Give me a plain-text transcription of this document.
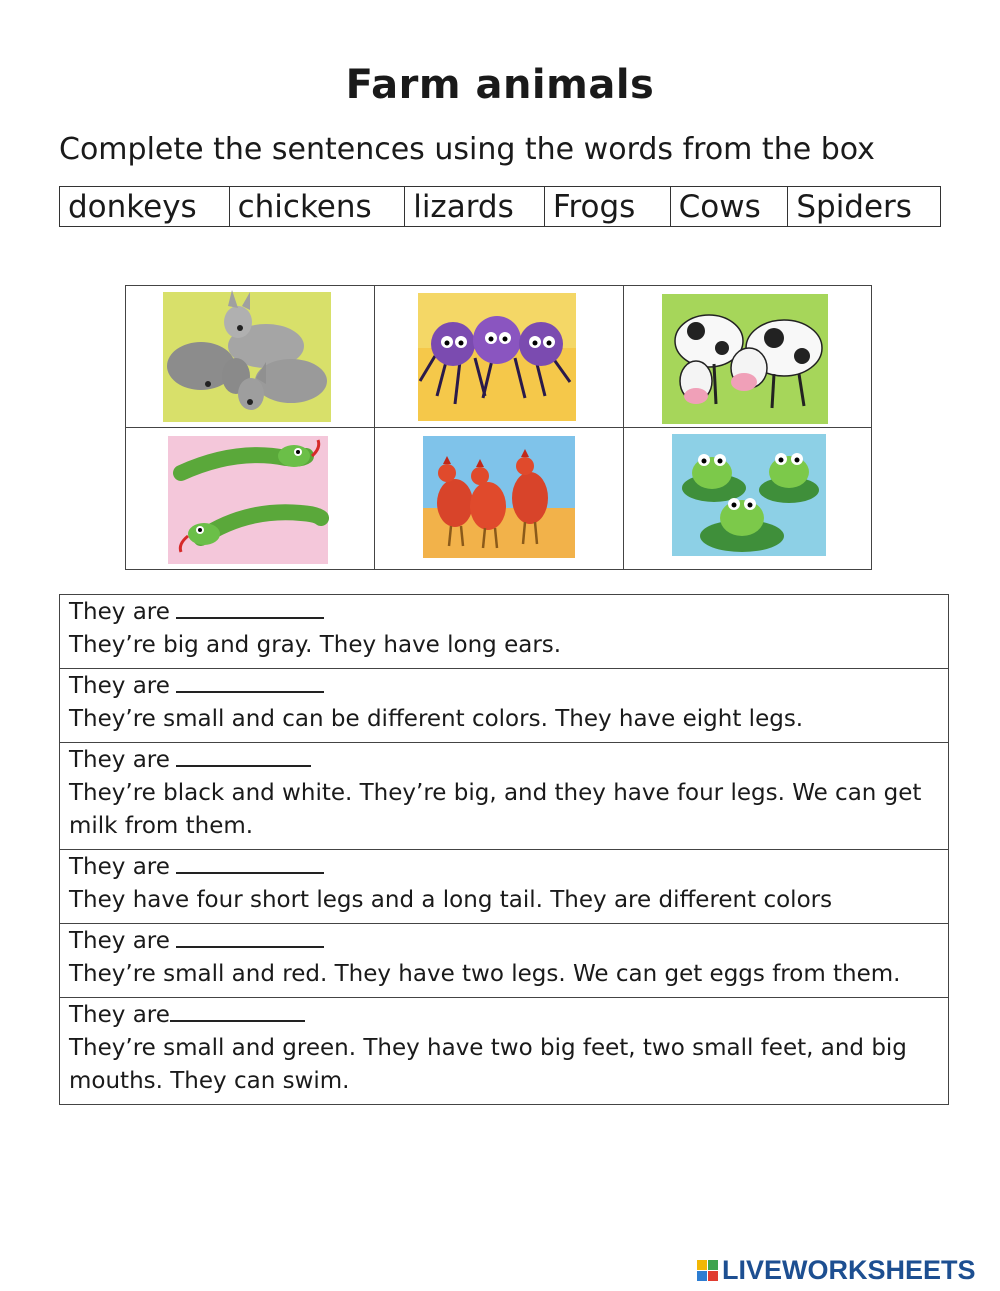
Farm animals
Complete the sentences using the words from the box
donkeys	chickens	lizards	Frogs	Cows	Spiders
They are
They’re big and gray. They have long ears.
They are
They’re small and can be different colors. They have eight legs.
They are
They’re black and white. They’re big, and they have four legs. We can get milk from them.
They are
They have four short legs and a long tail. They are different colors
They are
They’re small and red. They have two legs. We can get eggs from them.
They are
They’re small and green. They have two big feet, two small feet, and big mouths. They can swim.
LIVEWORKSHEETS
